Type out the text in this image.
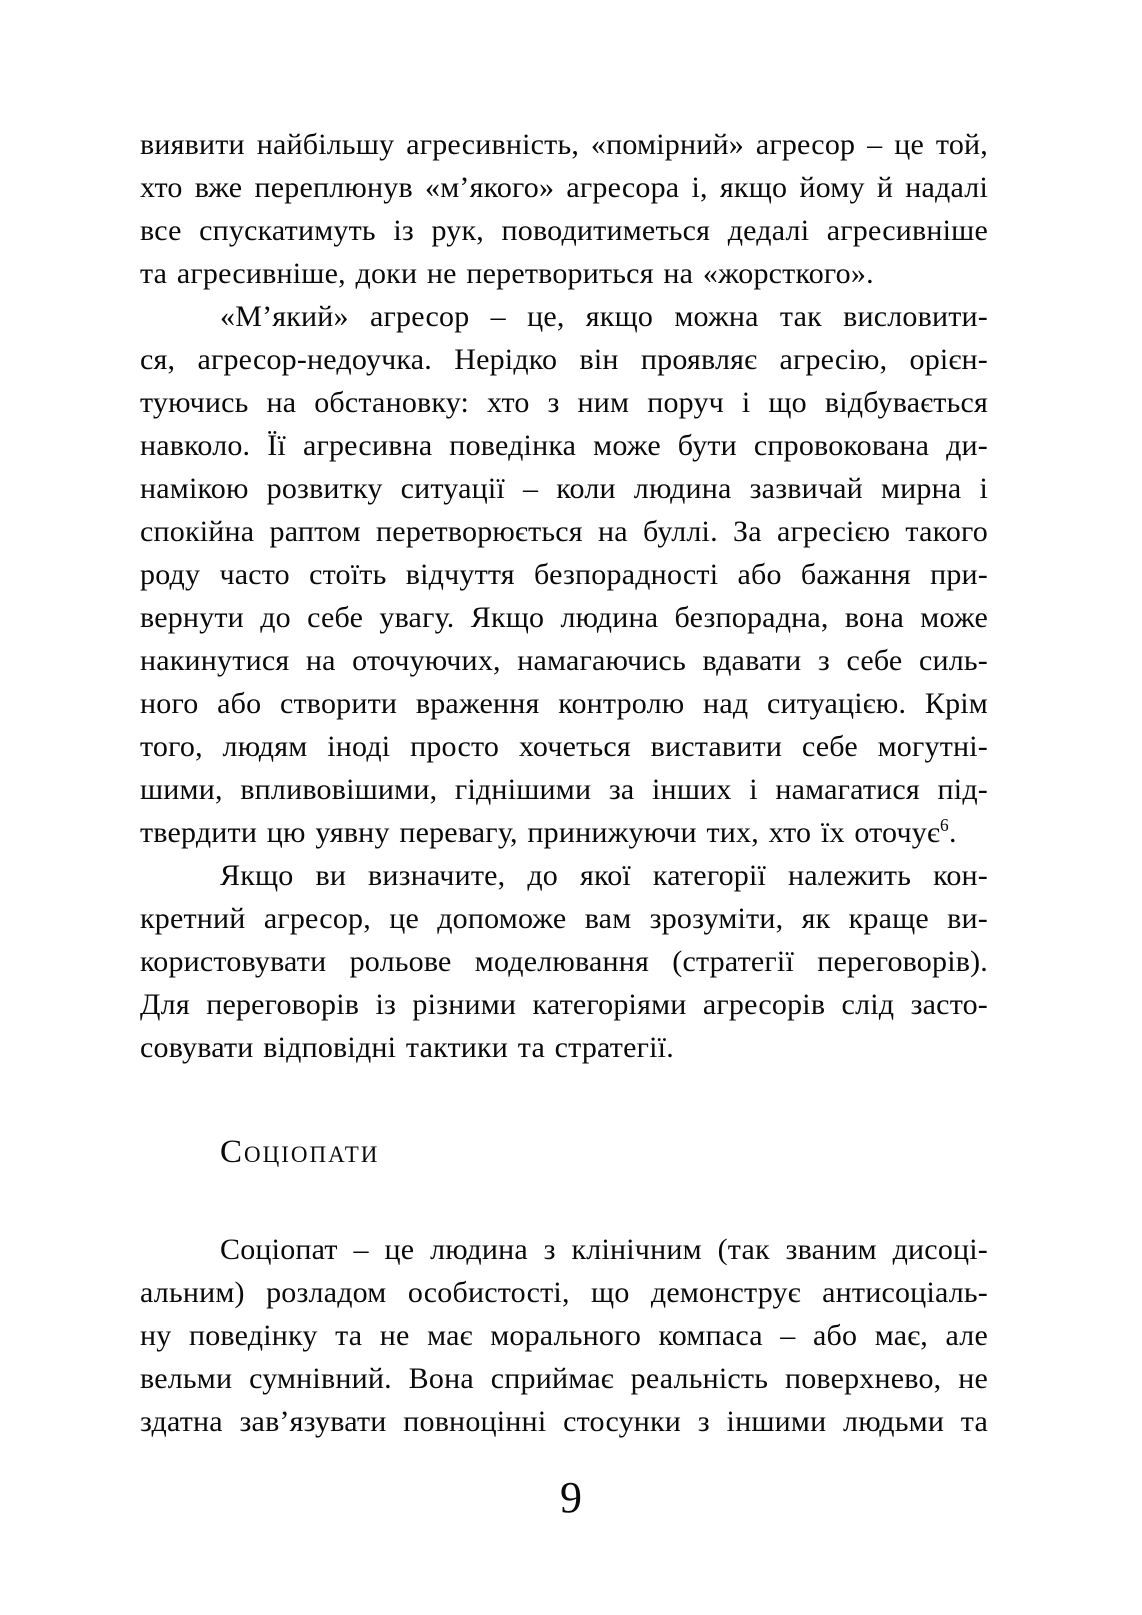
виявити найбільшу агресивність, «помірний» агресор – це той,
хто вже переплюнув «м’якого» агресора і, якщо йому й надалі
все спускатимуть із рук, поводитиметься дедалі агресивніше
та агресивніше, доки не перетвориться на «жорсткого».
«М’який» агресор – це, якщо можна так висловити-
ся, агресор-недоучка. Нерідко він проявляє агресію, орієн-
туючись на обстановку: хто з ним поруч і що відбувається
навколо. Її агресивна поведінка може бути спровокована ди-
намікою розвитку ситуації – коли людина зазвичай мирна і
спокійна раптом перетворюється на буллі. За агресією такого
роду часто стоїть відчуття безпорадності або бажання при-
вернути до себе увагу. Якщо людина безпорадна, вона може
накинутися на оточуючих, намагаючись вдавати з себе силь-
ного або створити враження контролю над ситуацією. Крім
того, людям іноді просто хочеться виставити себе могутні-
шими, впливовішими, гіднішими за інших і намагатися під-
твердити цю уявну перевагу, принижуючи тих, хто їх оточує$^6$.
Якщо ви визначите, до якої категорії належить кон-
кретний агресор, це допоможе вам зрозуміти, як краще ви-
користовувати рольове моделювання (стратегії переговорів).
Для переговорів із різними категоріями агресорів слід засто-
совувати відповідні тактики та стратегії.
Соціопати
Соціопат – це людина з клінічним (так званим дисоці-
альним) розладом особистості, що демонструє антисоціаль-
ну поведінку та не має морального компаса – або має, але
вельми сумнівний. Вона сприймає реальність поверхнево, не
здатна зав’язувати повноцінні стосунки з іншими людьми та
9
